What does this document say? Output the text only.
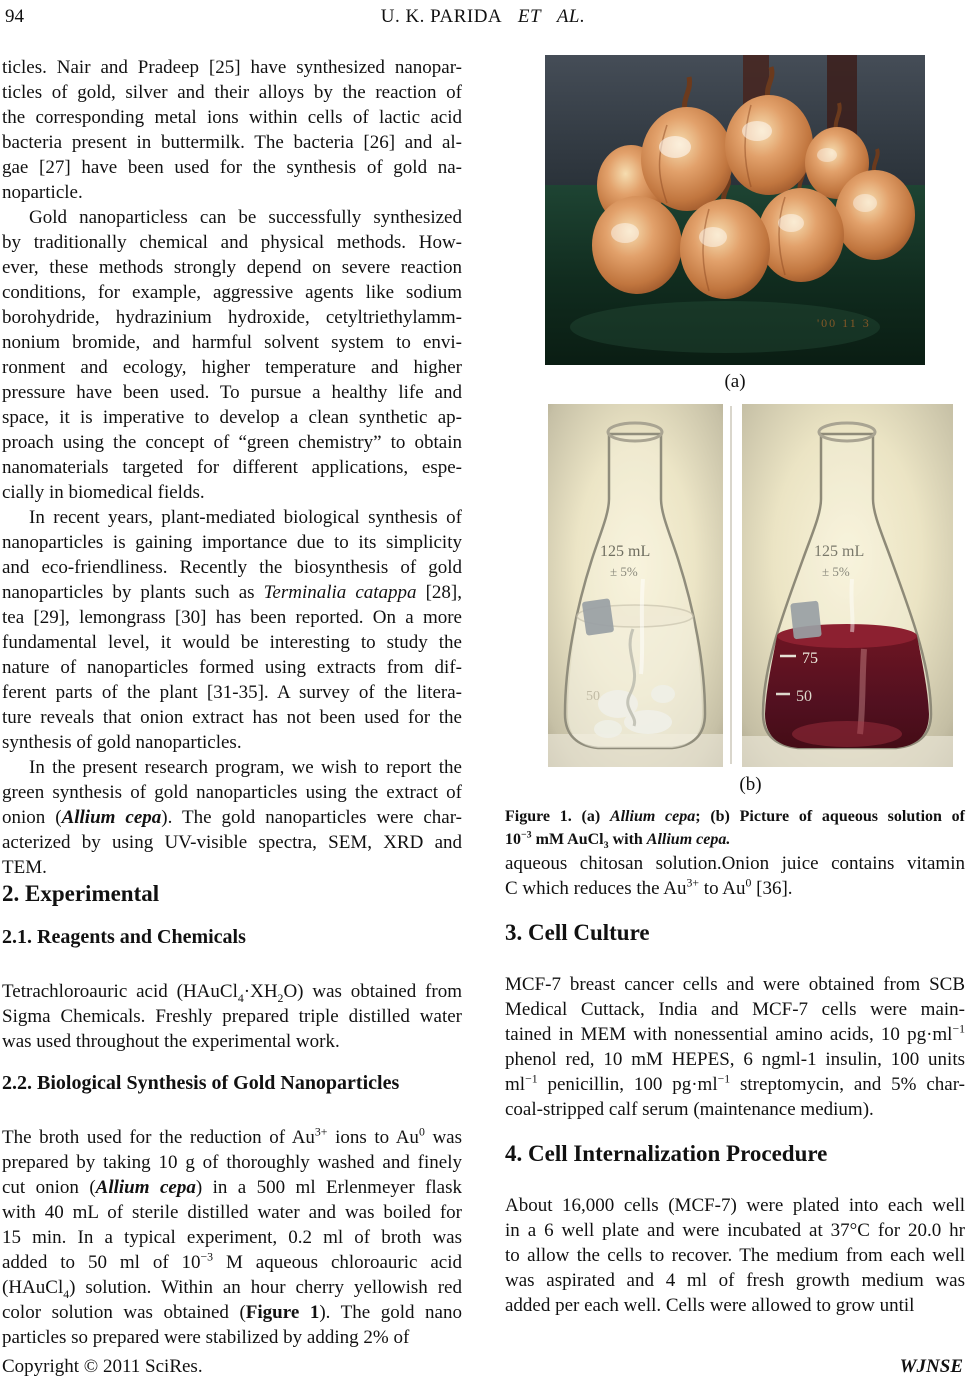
94	U. K. PARIDA   ET   AL.
ticles. Nair and Pradeep [25] have synthesized nanopar-
ticles of gold, silver and their alloys by the reaction of
the corresponding metal ions within cells of lactic acid
bacteria present in buttermilk. The bacteria [26] and al-
gae [27] have been used for the synthesis of gold na-
noparticle.
Gold nanoparticless can be successfully synthesized
by traditionally chemical and physical methods. How-
ever, these methods strongly depend on severe reaction
conditions, for example, aggressive agents like sodium
borohydride, hydrazinium hydroxide, cetyltriethylamm-
nonium bromide, and harmful solvent system to envi-
ronment and ecology, higher temperature and higher
pressure have been used. To pursue a healthy life and
space, it is imperative to develop a clean synthetic ap-
proach using the concept of “green chemistry” to obtain
nanomaterials targeted for different applications, espe-
cially in biomedical fields.
In recent years, plant-mediated biological synthesis of
nanoparticles is gaining importance due to its simplicity
and eco-friendliness. Recently the biosynthesis of gold
nanoparticles by plants such as Terminalia catappa [28],
tea [29], lemongrass [30] has been reported. On a more
fundamental level, it would be interesting to study the
nature of nanoparticles formed using extracts from dif-
ferent parts of the plant [31-35]. A survey of the litera-
ture reveals that onion extract has not been used for the
synthesis of gold nanoparticles.
In the present research program, we wish to report the
green synthesis of gold nanoparticles using the extract of
onion (Allium cepa). The gold nanoparticles were char-
acterized by using UV-visible spectra, SEM, XRD and
TEM.
2. Experimental
2.1. Reagents and Chemicals
Tetrachloroauric acid $(HAuCl_4\cdot XH_2O)$ was obtained from
Sigma Chemicals. Freshly prepared triple distilled water
was used throughout the experimental work.
2.2. Biological Synthesis of Gold Nanoparticles
The broth used for the reduction of $Au^{3+}$ ions to Au$^0$ was
prepared by taking 10 g of thoroughly washed and finely
cut onion (Allium cepa) in a 500 ml Erlenmeyer flask
with 40 mL of sterile distilled water and was boiled for
15 min. In a typical experiment, 0.2 ml of broth was
added to 50 ml of $10^{-3}$ M aqueous chloroauric acid
(HAuCl$_4$) solution. Within an hour cherry yellowish red
color solution was obtained (Figure 1). The gold nano
particles so prepared were stabilized by adding 2% of
'00 11 3
(a)
125 mL
± 5%
50
125 mL
± 5%
75
50
(b)
Figure 1. (a) Allium cepa; (b) Picture of aqueous solution of
$10^{-3}$ mM AuCl$_3$ with Allium cepa.
aqueous chitosan solution.Onion juice contains vitamin
C which reduces the $Au^{3+}$ to Au$^0$ [36].
3. Cell Culture
MCF-7 breast cancer cells and were obtained from SCB
Medical Cuttack, India and MCF-7 cells were main-
tained in MEM with nonessential amino acids, 10 $pg\cdot ml^{-1}$
phenol red, 10 mM HEPES, 6 ngml-1 insulin, 100 units
$ml^{-1}$ penicillin, 100 $pg\cdot ml^{-1}$ streptomycin, and 5% char-
coal-stripped calf serum (maintenance medium).
4. Cell Internalization Procedure
About 16,000 cells (MCF-7) were plated into each well
in a 6 well plate and were incubated at 37°C for 20.0 hr
to allow the cells to recover. The medium from each well
was aspirated and 4 ml of fresh growth medium was
added per each well. Cells were allowed to grow until
Copyright © 2011 SciRes.	WJNSE
